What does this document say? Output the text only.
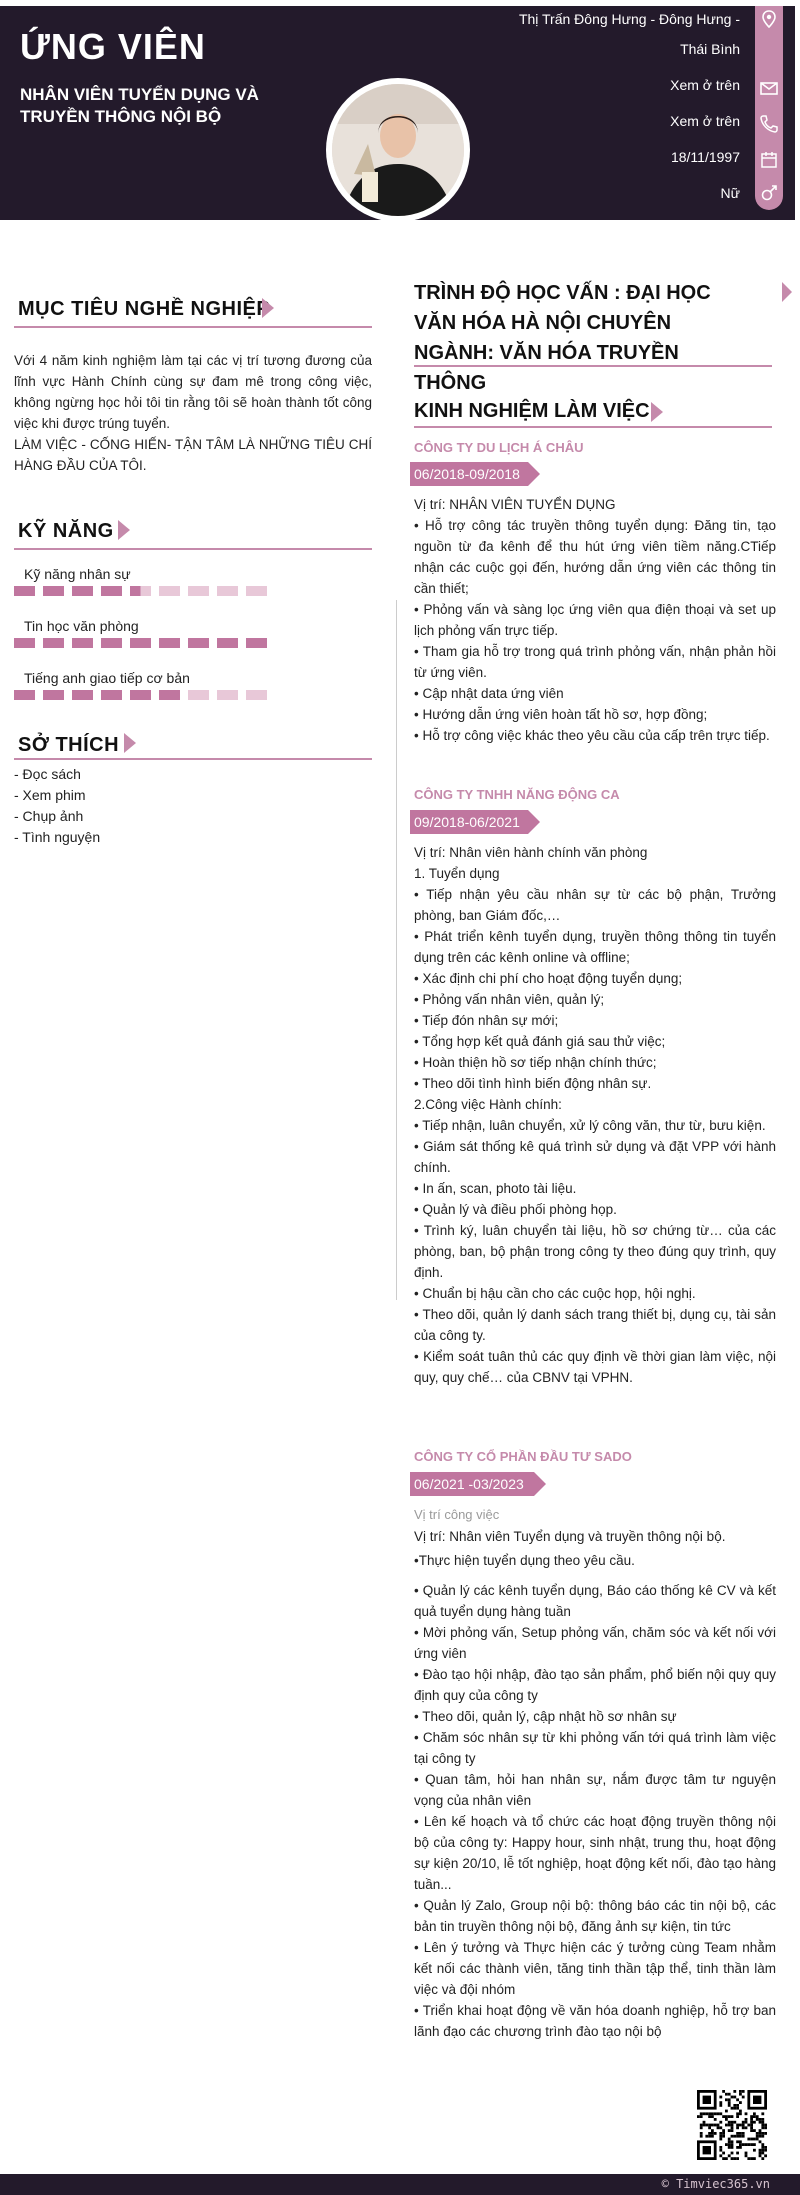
ỨNG VIÊN
NHÂN VIÊN TUYỂN DỤNG VÀ TRUYỀN THÔNG NỘI BỘ
Thị Trấn Đông Hưng - Đông Hưng -
Thái Bình
Xem ở trên
Xem ở trên
18/11/1997
Nữ
MỤC TIÊU NGHỀ NGHIỆP

Với 4 năm kinh nghiệm làm tại các vị trí tương đương của lĩnh vực Hành Chính cùng sự đam mê trong công việc, không ngừng học hỏi tôi tin rằng tôi sẽ hoàn thành tốt công việc khi được trúng tuyển.

LÀM VIỆC - CỐNG HIẾN- TẬN TÂM LÀ NHỮNG TIÊU CHÍ HÀNG ĐẦU CỦA TÔI.

KỸ NĂNG
Kỹ năng nhân sự
Tin học văn phòng
Tiếng anh giao tiếp cơ bản
SỞ THÍCH
- Đọc sách
- Xem phim
- Chụp ảnh
- Tình nguyện
TRÌNH ĐỘ HỌC VẤN : ĐẠI HỌC VĂN HÓA HÀ NỘI CHUYÊN NGÀNH: VĂN HÓA TRUYỀN THÔNG
KINH NGHIỆM LÀM VIỆC
CÔNG TY DU LỊCH Á CHÂU
06/2018-09/2018

Vị trí: NHÂN VIÊN TUYỂN DỤNG

• Hỗ trợ công tác truyền thông tuyển dụng: Đăng tin, tạo nguồn từ đa kênh để thu hút ứng viên tiềm năng.CTiếp nhận các cuộc gọi đến, hướng dẫn ứng viên các thông tin cần thiết;

• Phỏng vấn và sàng lọc ứng viên qua điện thoại và set up lịch phỏng vấn trực tiếp.

• Tham gia hỗ trợ trong quá trình phỏng vấn, nhận phản hồi từ ứng viên.

• Cập nhật data ứng viên

• Hướng dẫn ứng viên hoàn tất hồ sơ, hợp đồng;

• Hỗ trợ công việc khác theo yêu cầu của cấp trên trực tiếp.

CÔNG TY TNHH NĂNG ĐỘNG CA
09/2018-06/2021

Vị trí: Nhân viên hành chính văn phòng

1. Tuyển dụng

• Tiếp nhận yêu cầu nhân sự từ các bộ phận, Trưởng phòng, ban Giám đốc,…

• Phát triển kênh tuyển dụng, truyền thông thông tin tuyển dụng trên các kênh online và offline;

• Xác định chi phí cho hoạt động tuyển dụng;

• Phỏng vấn nhân viên, quản lý;

• Tiếp đón nhân sự mới;

• Tổng hợp kết quả đánh giá sau thử việc;

• Hoàn thiện hồ sơ tiếp nhận chính thức;

• Theo dõi tình hình biến động nhân sự.

2.Công việc Hành chính:

• Tiếp nhận, luân chuyển, xử lý công văn, thư từ, bưu kiện.

• Giám sát thống kê quá trình sử dụng và đặt VPP với hành chính.

• In ấn, scan, photo tài liệu.

• Quản lý và điều phối phòng họp.

• Trình ký, luân chuyển tài liệu, hồ sơ chứng từ… của các phòng, ban, bộ phận trong công ty theo đúng quy trình, quy định.

• Chuẩn bị hậu cần cho các cuộc họp, hội nghị.

• Theo dõi, quản lý danh sách trang thiết bị, dụng cụ, tài sản của công ty.

• Kiểm soát tuân thủ các quy định về thời gian làm việc, nội quy, quy chế… của CBNV tại VPHN.

CÔNG TY CỔ PHẦN ĐẦU TƯ SADO
06/2021 -03/2023
Vị trí công việc

Vị trí: Nhân viên Tuyển dụng và truyền thông nội bộ.

•Thực hiện tuyển dụng theo yêu cầu.

• Quản lý các kênh tuyển dụng, Báo cáo thống kê CV và kết quả tuyển dụng hàng tuần

• Mời phỏng vấn, Setup phỏng vấn, chăm sóc và kết nối với ứng viên

• Đào tạo hội nhập, đào tạo sản phẩm, phổ biến nội quy quy định quy của công ty

• Theo dõi, quản lý, cập nhật hồ sơ nhân sự

• Chăm sóc nhân sự từ khi phỏng vấn tới quá trình làm việc tại công ty

• Quan tâm, hỏi han nhân sự, nắm được tâm tư nguyện vọng của nhân viên

• Lên kế hoạch và tổ chức các hoạt động truyền thông nội bộ của công ty: Happy hour, sinh nhật, trung thu, hoạt động sự kiện 20/10, lễ tốt nghiệp, hoạt động kết nối, đào tạo hàng tuần...

• Quản lý Zalo, Group nội bộ: thông báo các tin nội bộ, các bản tin truyền thông nội bộ, đăng ảnh sự kiện, tin tức

• Lên ý tưởng và Thực hiện các ý tưởng cùng Team nhằm kết nối các thành viên, tăng tinh thần tập thể, tinh thần làm việc và đội nhóm

• Triển khai hoạt động về văn hóa doanh nghiệp, hỗ trợ ban lãnh đạo các chương trình đào tạo nội bộ

© Timviec365.vn
